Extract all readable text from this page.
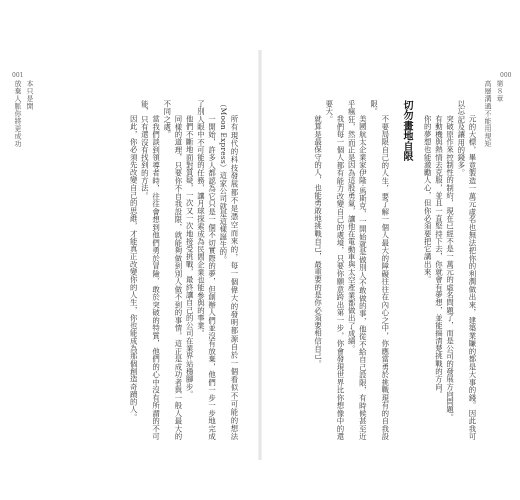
放棄人脈你將更成功 本只是開
001
所有現代的科技發展都不是憑空而來的，每一個偉大的發明都源自於一個看似不可能的想法（Moon Express）這家公司就是這樣誕生的。
一開始，許多人都認為它只是一個不切實際的夢，但創辦人們並沒有放棄，他們一步一步地完成了別人眼中不可能的任務，讓月球探索成為民間企業也能參與的事業。
他們不斷地面對質疑，一次又一次地接受挑戰，最終讓自己的公司在業界站穩腳步。
同樣的道理，只要你不自我設限，就能夠做到別人做不到的事情，這正是成功者與一般人最大的不同之處。
當我們談到領導者時，往往會想到他們勇於冒險、敢於突破的特質，他們的心中沒有所謂的不可能，只有還沒有找到的方法。
因此，你必須先改變自己的思維，才能真正改變你的人生，你也能成為那個創造奇蹟的人。
000
第８章
高層溝通不能用規矩
元的大標，畢竟製造一萬元虛名也無法把你的利潤做出來，建築業賺的都是大事的錢。因此我可以忘記及讓用的錢多。
突破原作來控制性的制約，現在已經不是一萬元的虛名問題了，而是公司的發展方向問題。
有動機與熱情去克服，並且一直堅持下去，你就會有夢想，並能搞清楚挑戰的方向。
你的夢想也能激勵人心，但你必須要把它講出來。
切勿畫地自限
不要局限自己的人生，要了解一個人最大的障礙往往在內心之中，你應當勇於挑戰現有的自我設限。
美國航太企業家伊隆·馬斯克，一開始就是做別人不敢做的事，他從不給自己設限，有時候甚至近乎瘋狂，然而正是因為這股勇氣，讓他在電動車與太空產業都做出了成績。
我們每一個人都有能力改變自己的處境，只要你願意跨出第一步，你會發現世界比你想像中的還要大。
就算是最保守的人，也能勇敢地挑戰自己，最重要的是你必須要相信自己。
